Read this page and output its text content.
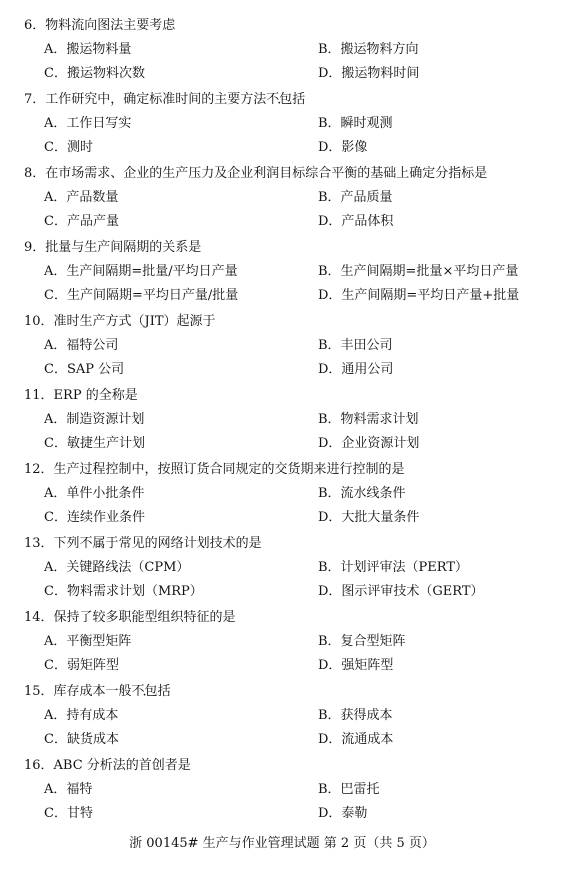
6．物料流向图法主要考虑
A．搬运物料量	B．搬运物料方向
C．搬运物料次数	D．搬运物料时间
7．工作研究中，确定标准时间的主要方法不包 ·括
A．工作日写实	B．瞬时观测
C．测时	D．影像
8．在市场需求、企业的生产压力及企业利润目标综合平衡的基础上确定分指标是
A．产品数量	B．产品质量
C．产品产量	D．产品体积
9．批量与生产间隔期的关系是
A．生产间隔期=批量/平均日产量	B．生产间隔期=批量×平均日产量
C．生产间隔期=平均日产量/批量	D．生产间隔期=平均日产量+批量
10．准时生产方式（JIT）起源于
A．福特公司	B．丰田公司
C．SAP 公司	D．通用公司
11．ERP 的全称是
A．制造资源计划	B．物料需求计划
C．敏捷生产计划	D．企业资源计划
12．生产过程控制中，按照订货合同规定的交货期来进行控制的是
A．单件小批条件	B．流水线条件
C．连续作业条件	D．大批大量条件
13．下列不属于 ·常见的网络计划技术的是
A．关键路线法（CPM）	B．计划评审法（PERT）
C．物料需求计划（MRP）	D．图示评审技术（GERT）
14．保持了较多职能型组织特征的是
A．平衡型矩阵	B．复合型矩阵
C．弱矩阵型	D．强矩阵型
15．库存成本一般不包 ·括
A．持有成本	B．获得成本
C．缺货成本	D．流通成本
16．ABC 分析法的首创者是
A．福特	B．巴雷托
C．甘特	D．泰勒
浙 00145# 生产与作业管理试题 第 2 页（共 5 页）
